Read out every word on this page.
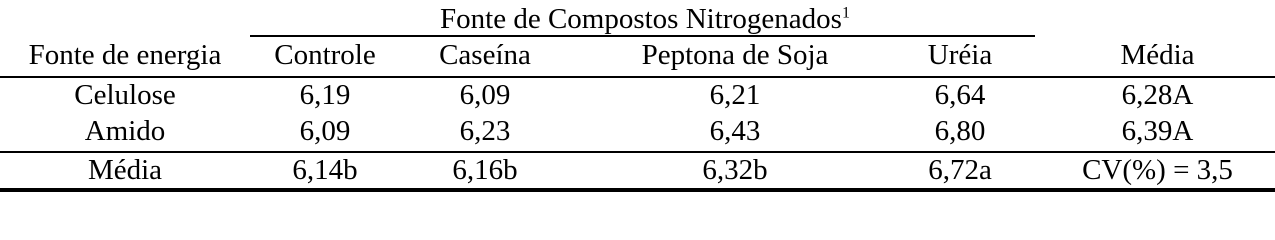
Fonte de Compostos Nitrogenados$^1$
Fonte de energia	Controle	Caseína	Peptona de Soja	Uréia	Média
Celulose	6,19	6,09	6,21	6,64	6,28A
Amido	6,09	6,23	6,43	6,80	6,39A
Média	6,14b	6,16b	6,32b	6,72a	CV(%) = 3,5
